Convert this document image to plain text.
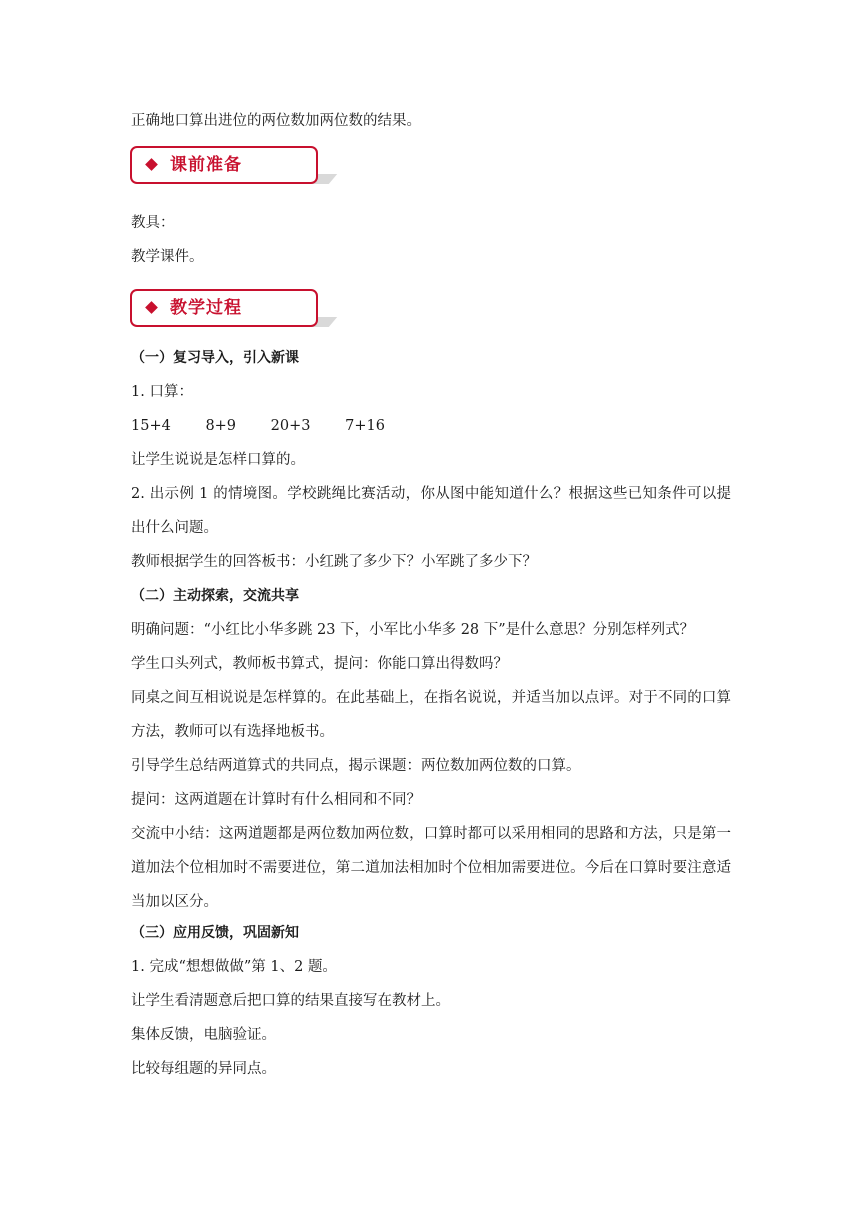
正确地口算出进位的两位数加两位数的结果。

课前准备

教具：

教学课件。

教学过程

（一）复习导入，引入新课

1. 口算：

15+4 8+9 20+3 7+16

让学生说说是怎样口算的。

2. 出示例 1 的情境图。学校跳绳比赛活动，你从图中能知道什么？根据这些已知条件可以提出什么问题。

教师根据学生的回答板书：小红跳了多少下？小军跳了多少下？

（二）主动探索，交流共享

明确问题：“小红比小华多跳 23 下，小军比小华多 28 下”是什么意思？分别怎样列式？

学生口头列式，教师板书算式，提问：你能口算出得数吗？

同桌之间互相说说是怎样算的。在此基础上，在指名说说，并适当加以点评。对于不同的口算方法，教师可以有选择地板书。

引导学生总结两道算式的共同点，揭示课题：两位数加两位数的口算。

提问：这两道题在计算时有什么相同和不同？

交流中小结：这两道题都是两位数加两位数，口算时都可以采用相同的思路和方法，只是第一道加法个位相加时不需要进位，第二道加法相加时个位相加需要进位。今后在口算时要注意适当加以区分。

（三）应用反馈，巩固新知

1. 完成“想想做做”第 1、2 题。

让学生看清题意后把口算的结果直接写在教材上。

集体反馈，电脑验证。

比较每组题的异同点。
